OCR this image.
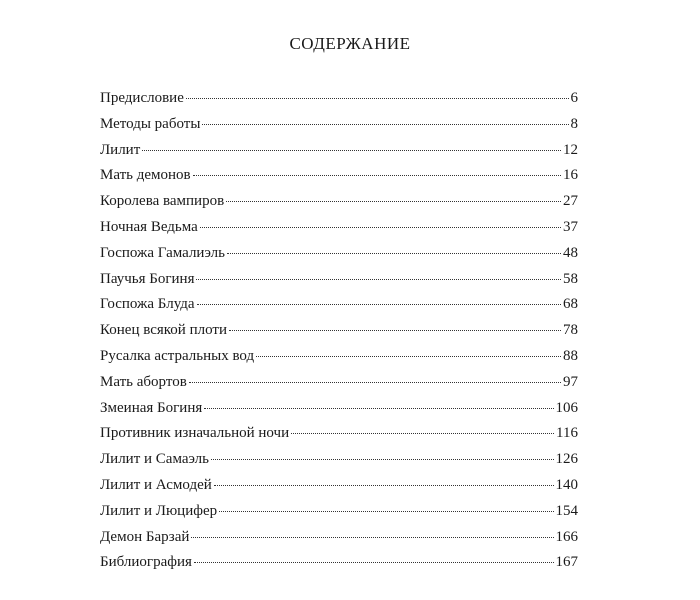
СОДЕРЖАНИЕ
Предисловие	6
Методы работы	8
Лилит	12
Мать демонов	16
Королева вампиров	27
Ночная Ведьма	37
Госпожа Гамалиэль	48
Паучья Богиня	58
Госпожа Блуда	68
Конец всякой плоти	78
Русалка астральных вод	88
Мать абортов	97
Змеиная Богиня	106
Противник изначальной ночи	116
Лилит и Самаэль	126
Лилит и Асмодей	140
Лилит и Люцифер	154
Демон Барзай	166
Библиография	167
